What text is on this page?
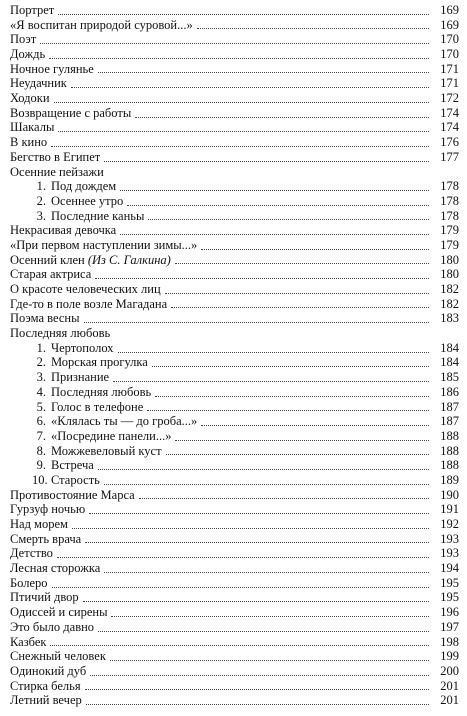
Портрет	169
«Я воспитан природой суровой...»	169
Поэт	170
Дождь	170
Ночное гулянье	171
Неудачник	171
Ходоки	172
Возвращение с работы	174
Шакалы	174
В кино	176
Бегство в Египет	177
Осенние пейзажи
1. Под дождем	178
2. Осеннее утро	178
3. Последние каньы	178
Некрасивая девочка	179
«При первом наступлении зимы...»	179
Осенний клен (Из С. Галкина)	180
Старая актриса	180
О красоте человеческих лиц	182
Где-то в поле возле Магадана	182
Поэма весны	183
Последняя любовь
1. Чертополох	184
2. Морская прогулка	184
3. Признание	185
4. Последняя любовь	186
5. Голос в телефоне	187
6. «Клялась ты — до гроба...»	187
7. «Посредине панели...»	188
8. Можжевеловый куст	188
9. Встреча	188
10. Старость	189
Противостояние Марса	190
Гурзуф ночью	191
Над морем	192
Смерть врача	193
Детство	193
Лесная сторожка	194
Болеро	195
Птичий двор	195
Одиссей и сирены	196
Это было давно	197
Казбек	198
Снежный человек	199
Одинокий дуб	200
Стирка белья	201
Летний вечер	201
